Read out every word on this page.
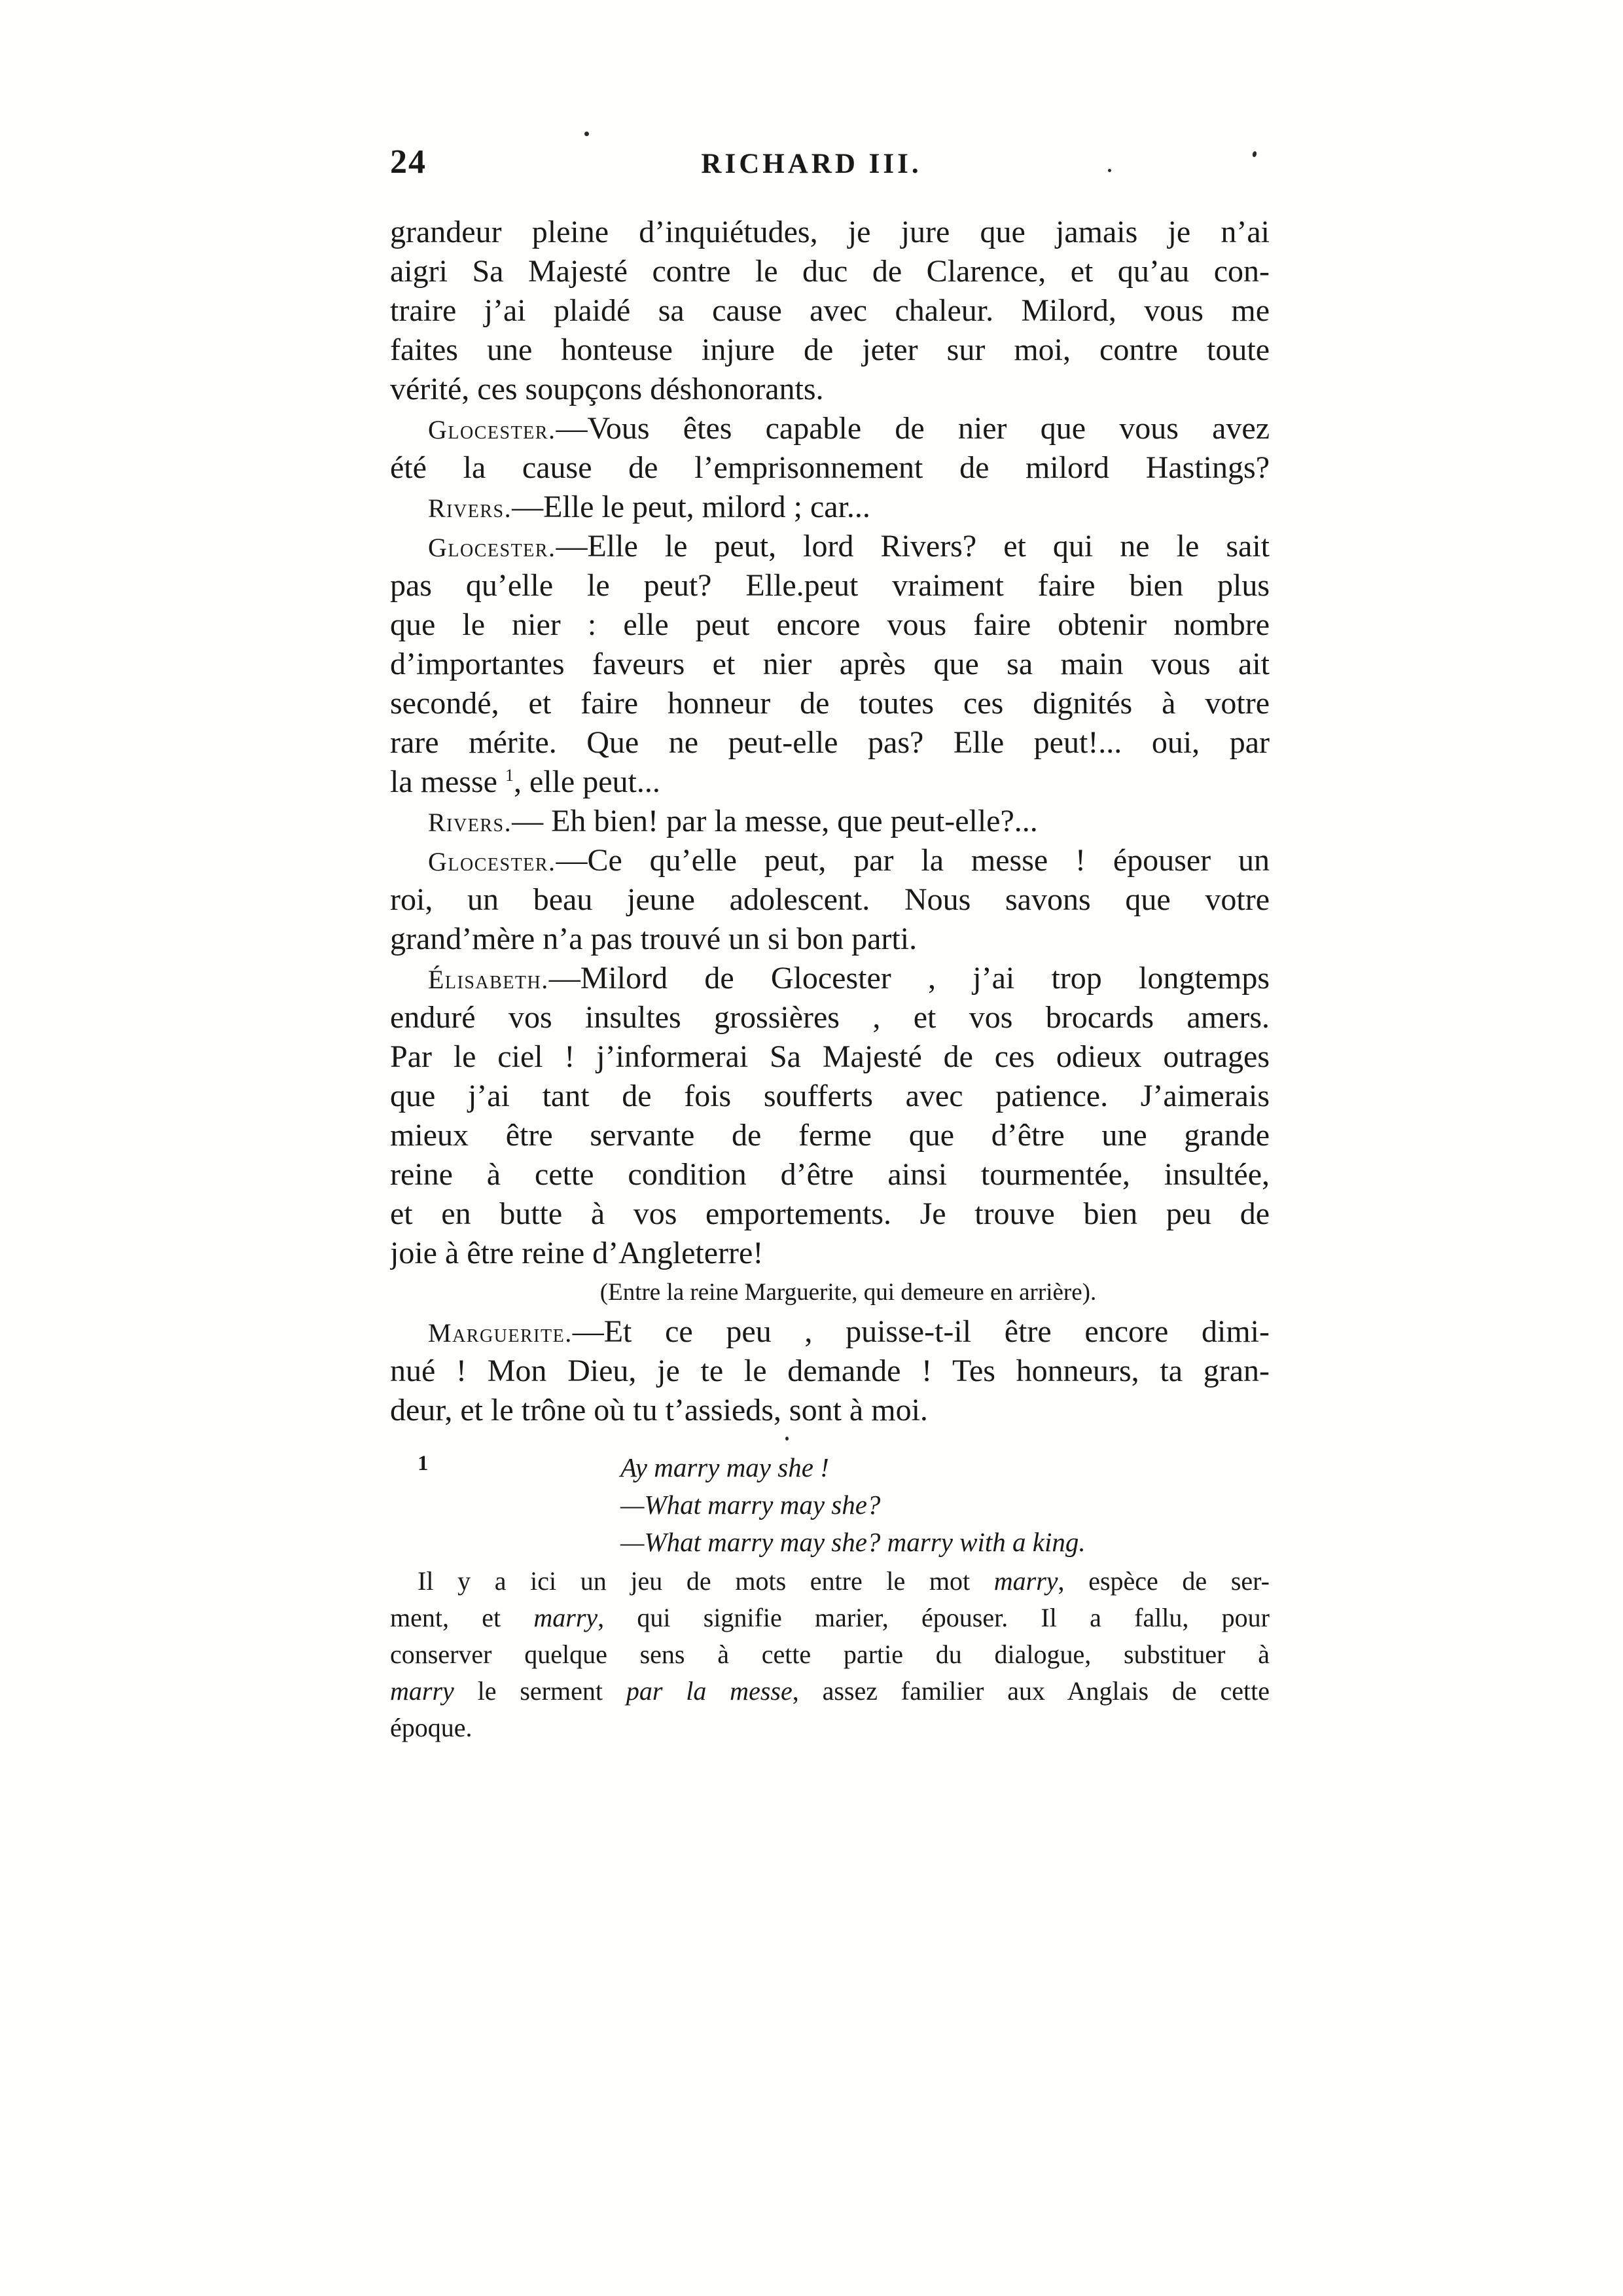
24	RICHARD III.
grandeur pleine d’inquiétudes, je jure que jamais je n’ai
aigri Sa Majesté contre le duc de Clarence, et qu’au con-
traire j’ai plaidé sa cause avec chaleur. Milord, vous me
faites une honteuse injure de jeter sur moi, contre toute
vérité, ces soupçons déshonorants.
Glocester.—Vous êtes capable de nier que vous avez
été la cause de l’emprisonnement de milord Hastings?
Rivers.—Elle le peut, milord ; car...
Glocester.—Elle le peut, lord Rivers? et qui ne le sait
pas qu’elle le peut? Elle.peut vraiment faire bien plus
que le nier : elle peut encore vous faire obtenir nombre
d’importantes faveurs et nier après que sa main vous ait
secondé, et faire honneur de toutes ces dignités à votre
rare mérite. Que ne peut-elle pas? Elle peut!... oui, par
la messe $^1$, elle peut...
Rivers.— Eh bien! par la messe, que peut-elle?...
Glocester.—Ce qu’elle peut, par la messe ! épouser un
roi, un beau jeune adolescent. Nous savons que votre
grand’mère n’a pas trouvé un si bon parti.
Élisabeth.—Milord de Glocester , j’ai trop longtemps
enduré vos insultes grossières , et vos brocards amers.
Par le ciel ! j’informerai Sa Majesté de ces odieux outrages
que j’ai tant de fois soufferts avec patience. J’aimerais
mieux être servante de ferme que d’être une grande
reine à cette condition d’être ainsi tourmentée, insultée,
et en butte à vos emportements. Je trouve bien peu de
joie à être reine d’Angleterre!
(Entre la reine Marguerite, qui demeure en arrière).
Marguerite.—Et ce peu , puisse-t-il être encore dimi-
nué ! Mon Dieu, je te le demande ! Tes honneurs, ta gran-
deur, et le trône où tu t’assieds, sont à moi.
1	Ay marry may she !
—What marry may she?
—What marry may she? marry with a king.
Il y a ici un jeu de mots entre le mot marry, espèce de ser-
ment, et marry, qui signifie marier, épouser. Il a fallu, pour
conserver quelque sens à cette partie du dialogue, substituer à
marry le serment par la messe, assez familier aux Anglais de cette
époque.
